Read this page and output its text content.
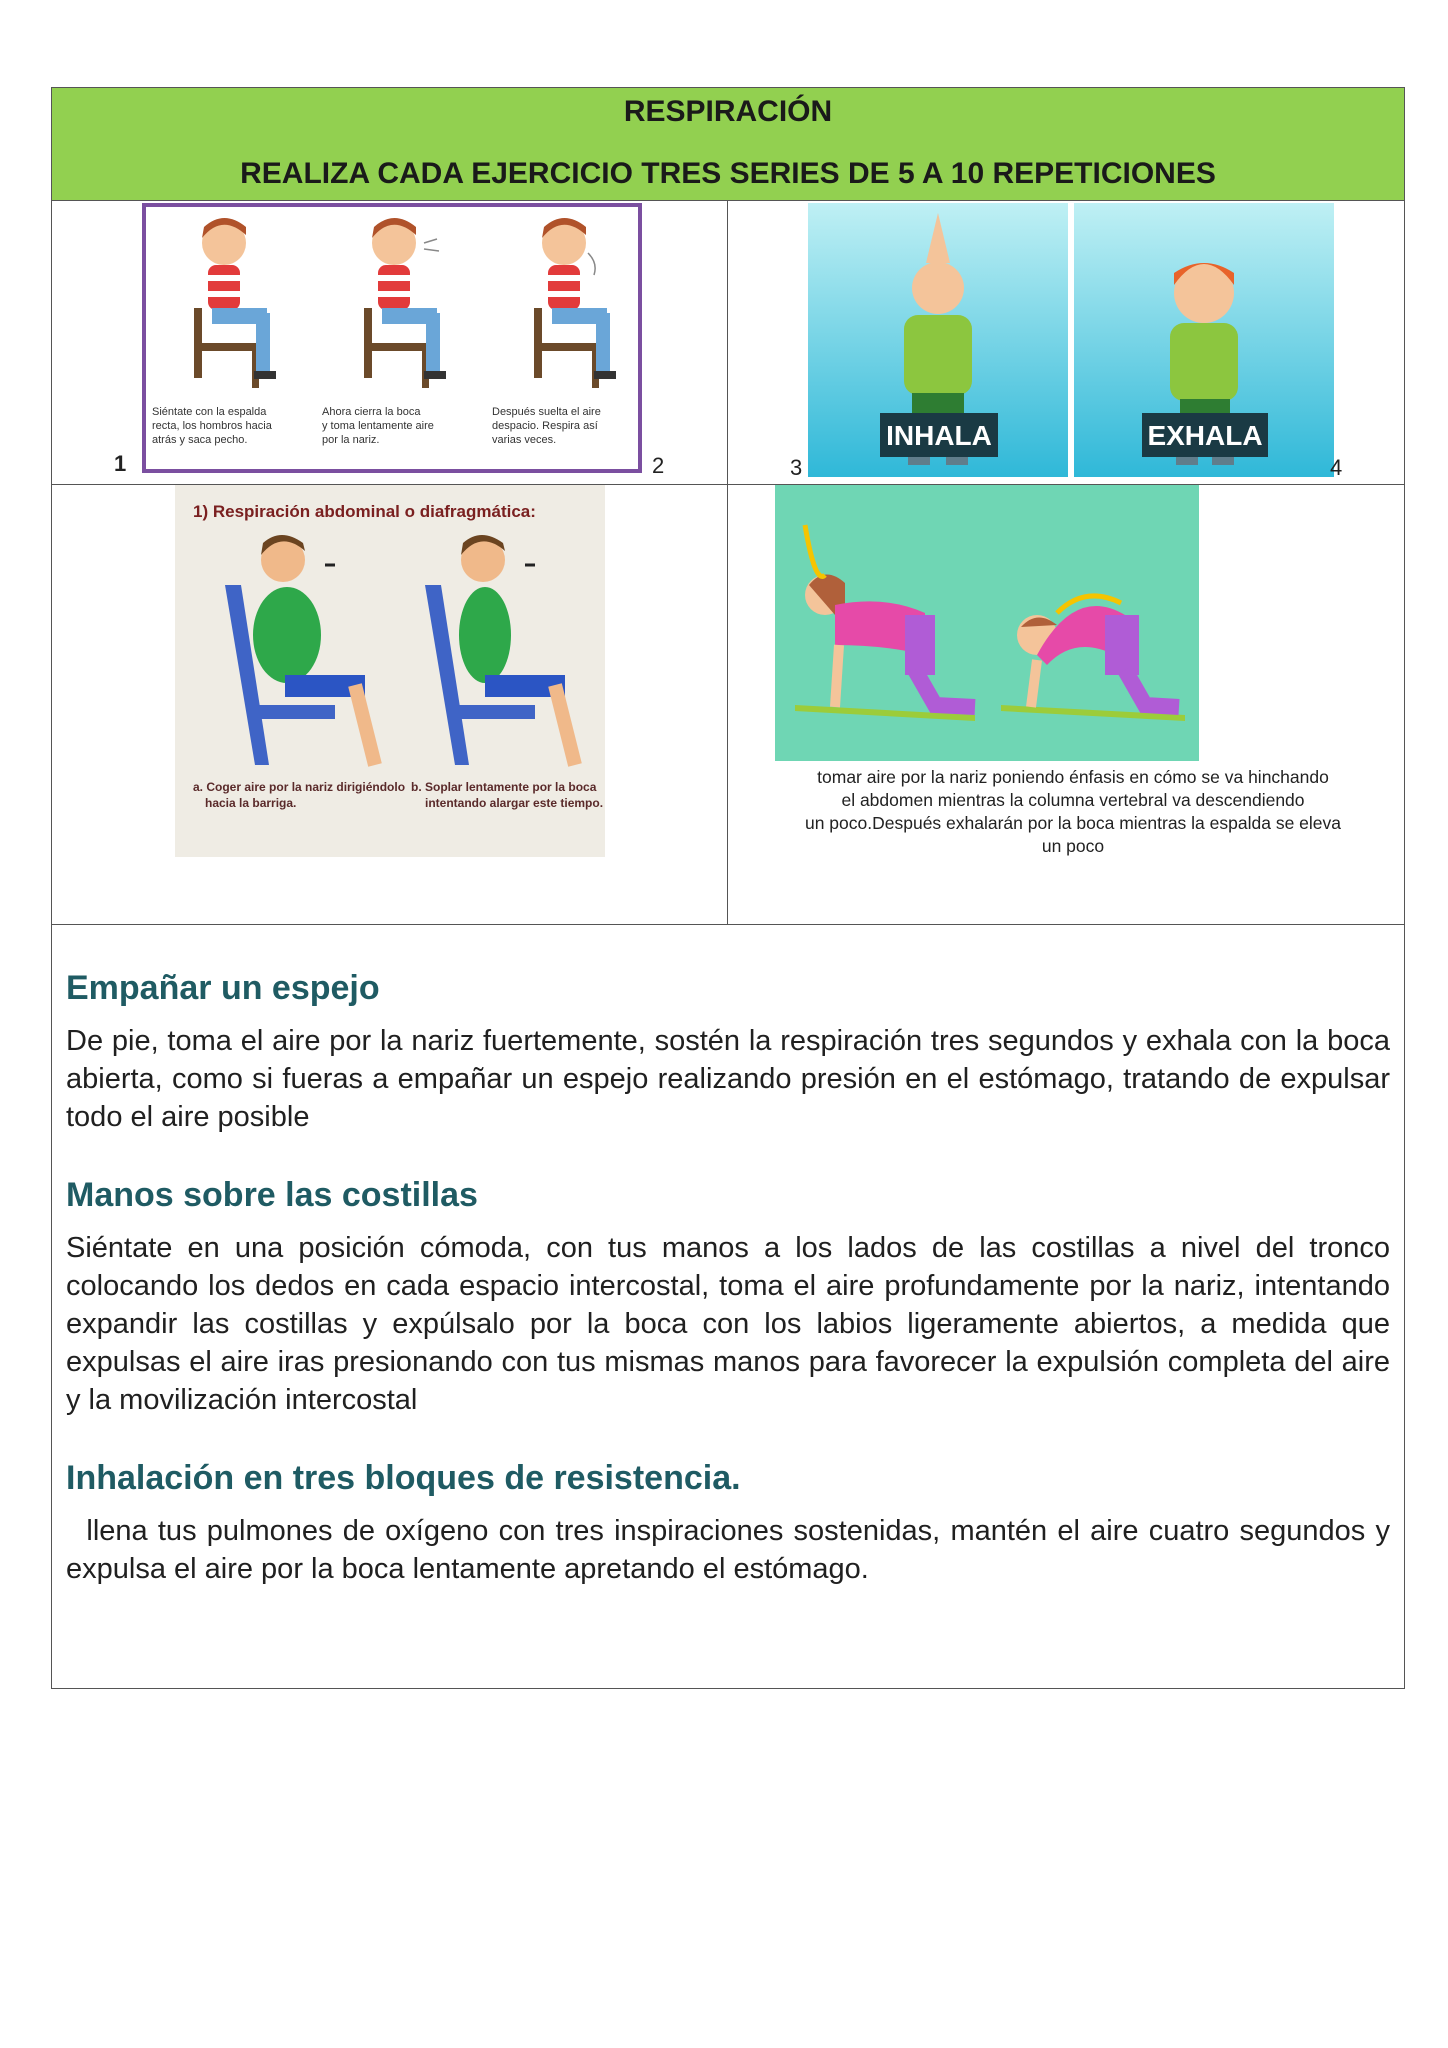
RESPIRACIÓN
REALIZA CADA EJERCICIO TRES SERIES DE 5 A 10 REPETICIONES
Siéntate con la espalda
recta, los hombros hacia
atrás y saca pecho.
Ahora cierra la boca
y toma lentamente aire
por la nariz.
Después suelta el aire
despacio. Respira así
varias veces.
1	2
INHALA	EXHALA
3	4
1) Respiración abdominal o diafragmática:
a. Coger aire por la nariz dirigiéndolo
hacia la barriga.
b. Soplar lentamente por la boca
intentando alargar este tiempo.
tomar aire por la nariz poniendo énfasis en cómo se va hinchando
el abdomen mientras la columna vertebral va descendiendo
un poco.Después exhalarán por la boca mientras la espalda se eleva
un poco
Empañar un espejo
De pie, toma el aire por la nariz fuertemente, sostén la respiración tres segundos y exhala con la boca abierta, como si fueras a empañar un espejo realizando presión en el estómago, tratando de expulsar todo el aire posible
Manos sobre las costillas
Siéntate en una posición cómoda, con tus manos a los lados de las costillas a nivel del tronco colocando los dedos en cada espacio intercostal, toma el aire profundamente por la nariz, intentando expandir las costillas y expúlsalo por la boca con los labios ligeramente abiertos, a medida que expulsas el aire iras presionando con tus mismas manos para favorecer la expulsión completa del aire y la movilización intercostal
Inhalación en tres bloques de resistencia.
llena tus pulmones de oxígeno con tres inspiraciones sostenidas, mantén el aire cuatro segundos y expulsa el aire por la boca lentamente apretando el estómago.
